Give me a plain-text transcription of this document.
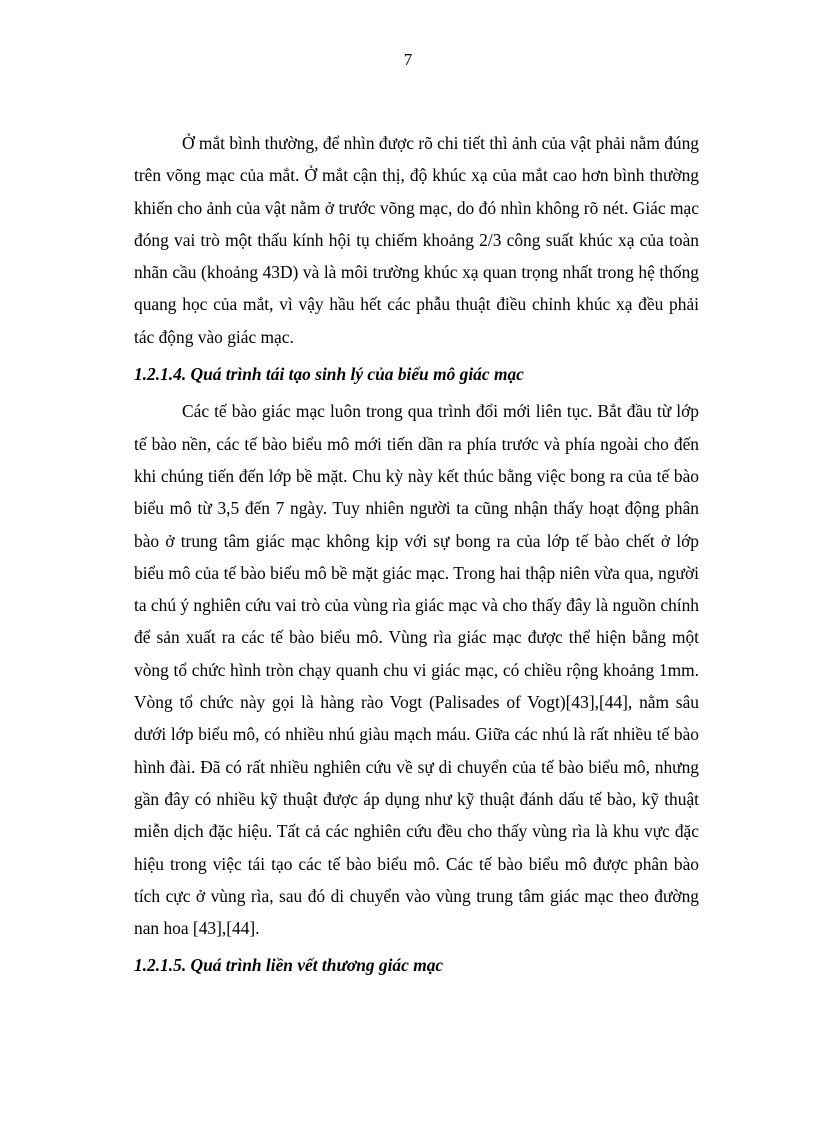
7

Ở mắt bình thường, để nhìn được rõ chi tiết thì ảnh của vật phải nằm đúng trên võng mạc của mắt. Ở mắt cận thị, độ khúc xạ của mắt cao hơn bình thường khiến cho ảnh của vật nằm ở trước võng mạc, do đó nhìn không rõ nét. Giác mạc đóng vai trò một thấu kính hội tụ chiếm khoảng 2/3 công suất khúc xạ của toàn nhãn cầu (khoảng 43D) và là môi trường khúc xạ quan trọng nhất trong hệ thống quang học của mắt, vì vậy hầu hết các phẫu thuật điều chỉnh khúc xạ đều phải tác động vào giác mạc.

1.2.1.4. Quá trình tái tạo sinh lý của biểu mô giác mạc

Các tế bào giác mạc luôn trong qua trình đổi mới liên tục. Bắt đầu từ lớp tế bào nền, các tế bào biểu mô mới tiến dần ra phía trước và phía ngoài cho đến khi chúng tiến đến lớp bề mặt. Chu kỳ này kết thúc bằng việc bong ra của tế bào biểu mô từ 3,5 đến 7 ngày. Tuy nhiên người ta cũng nhận thấy hoạt động phân bào ở trung tâm giác mạc không kịp với sự bong ra của lớp tế bào chết ở lớp biểu mô của tế bào biểu mô bề mặt giác mạc. Trong hai thập niên vừa qua, người ta chú ý nghiên cứu vai trò của vùng rìa giác mạc và cho thấy đây là nguồn chính để sản xuất ra các tế bào biểu mô. Vùng rìa giác mạc được thể hiện bằng một vòng tổ chức hình tròn chạy quanh chu vi giác mạc, có chiều rộng khoảng 1mm. Vòng tổ chức này gọi là hàng rào Vogt (Palisades of Vogt)[43],[44], nằm sâu dưới lớp biểu mô, có nhiều nhú giàu mạch máu. Giữa các nhú là rất nhiều tế bào hình đài. Đã có rất nhiều nghiên cứu về sự di chuyển của tế bào biểu mô, nhưng gần đây có nhiều kỹ thuật được áp dụng như kỹ thuật đánh dấu tế bào, kỹ thuật miễn dịch đặc hiệu. Tất cả các nghiên cứu đều cho thấy vùng rìa là khu vực đặc hiệu trong việc tái tạo các tế bào biểu mô. Các tế bào biểu mô được phân bào tích cực ở vùng rìa, sau đó di chuyển vào vùng trung tâm giác mạc theo đường nan hoa [43],[44].

1.2.1.5. Quá trình liền vết thương giác mạc
